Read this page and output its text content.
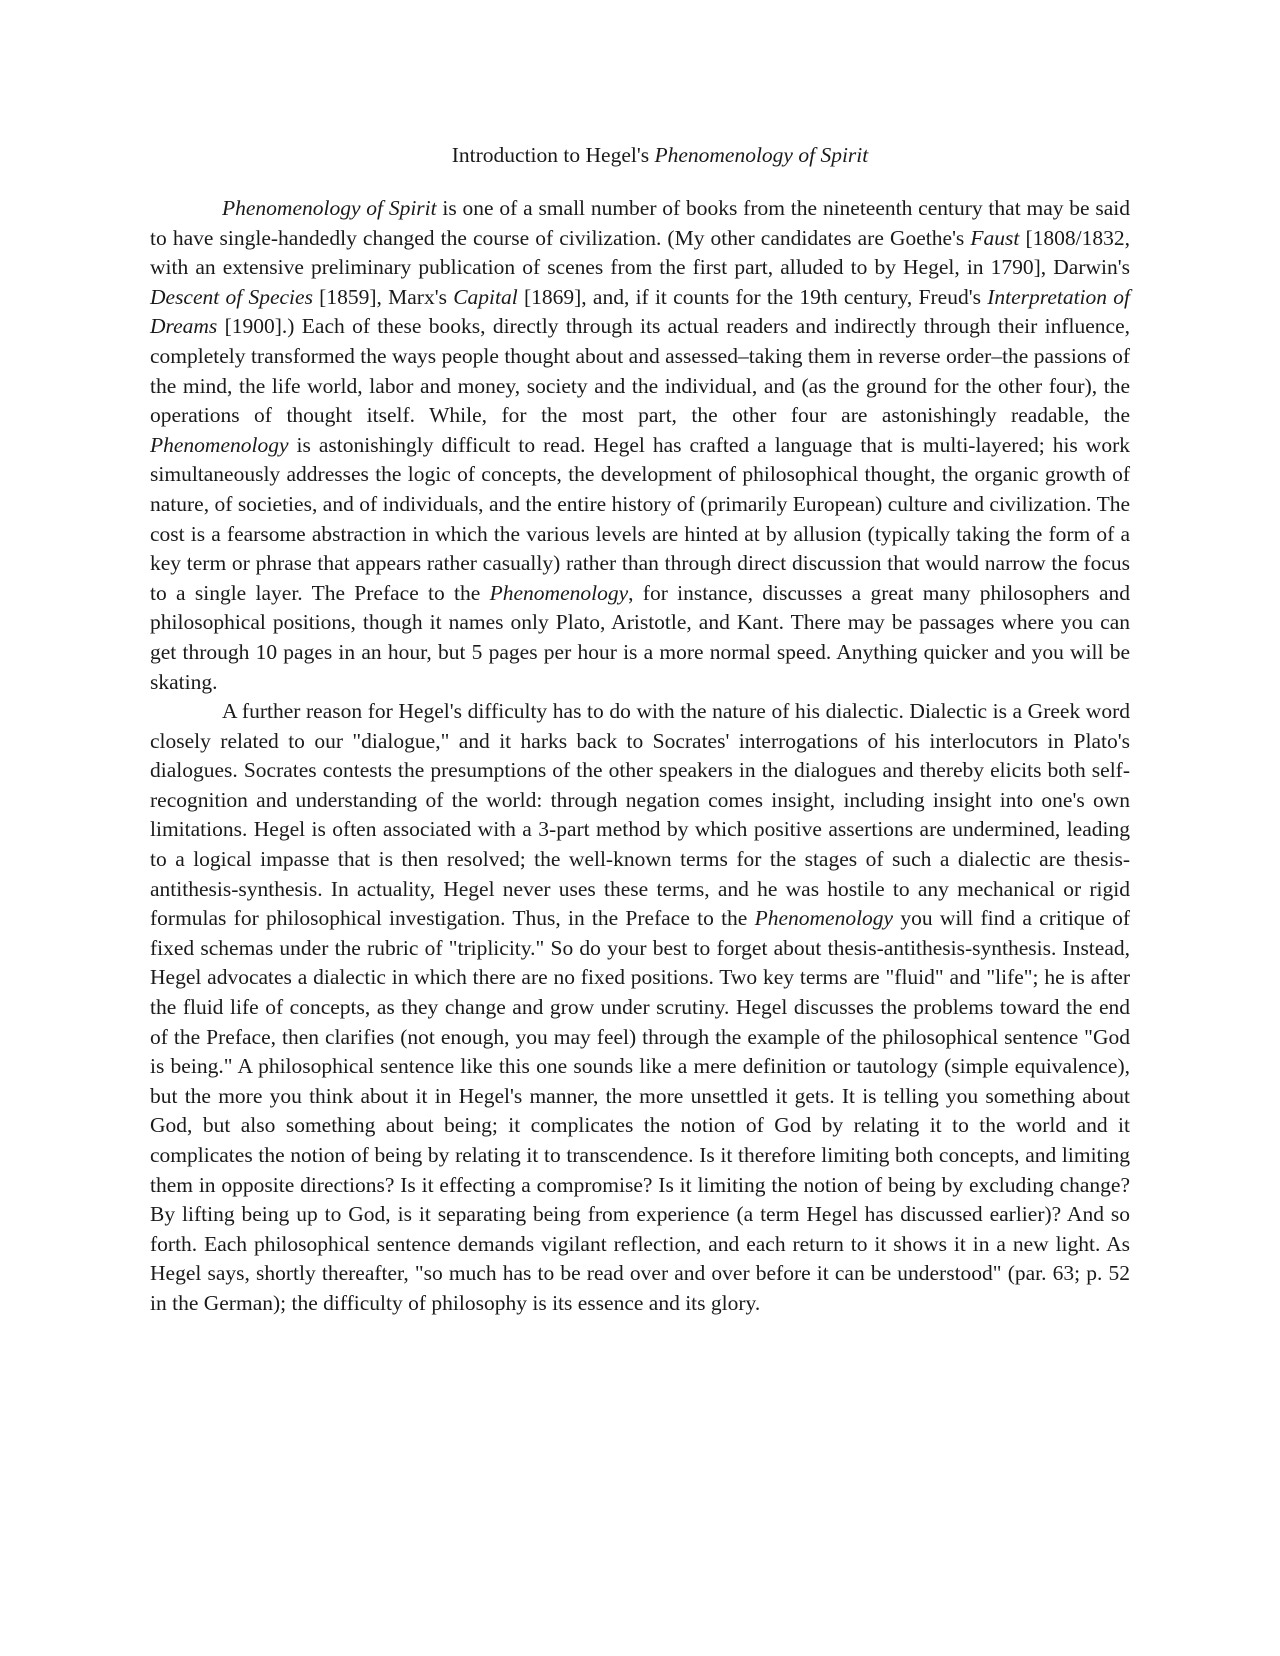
Introduction to Hegel's Phenomenology of Spirit

Phenomenology of Spirit is one of a small number of books from the nineteenth century that may be said to have single-handedly changed the course of civilization. (My other candidates are Goethe's Faust [1808/1832, with an extensive preliminary publication of scenes from the first part, alluded to by Hegel, in 1790], Darwin's Descent of Species [1859], Marx's Capital [1869], and, if it counts for the 19th century, Freud's Interpretation of Dreams [1900].) Each of these books, directly through its actual readers and indirectly through their influence, completely transformed the ways people thought about and assessed–taking them in reverse order–the passions of the mind, the life world, labor and money, society and the individual, and (as the ground for the other four), the operations of thought itself. While, for the most part, the other four are astonishingly readable, the Phenomenology is astonishingly difficult to read. Hegel has crafted a language that is multi-layered; his work simultaneously addresses the logic of concepts, the development of philosophical thought, the organic growth of nature, of societies, and of individuals, and the entire history of (primarily European) culture and civilization. The cost is a fearsome abstraction in which the various levels are hinted at by allusion (typically taking the form of a key term or phrase that appears rather casually) rather than through direct discussion that would narrow the focus to a single layer. The Preface to the Phenomenology, for instance, discusses a great many philosophers and philosophical positions, though it names only Plato, Aristotle, and Kant. There may be passages where you can get through 10 pages in an hour, but 5 pages per hour is a more normal speed. Anything quicker and you will be skating.

A further reason for Hegel's difficulty has to do with the nature of his dialectic. Dialectic is a Greek word closely related to our "dialogue," and it harks back to Socrates' interrogations of his interlocutors in Plato's dialogues. Socrates contests the presumptions of the other speakers in the dialogues and thereby elicits both self-recognition and understanding of the world: through negation comes insight, including insight into one's own limitations. Hegel is often associated with a 3-part method by which positive assertions are undermined, leading to a logical impasse that is then resolved; the well-known terms for the stages of such a dialectic are thesis-antithesis-synthesis. In actuality, Hegel never uses these terms, and he was hostile to any mechanical or rigid formulas for philosophical investigation. Thus, in the Preface to the Phenomenology you will find a critique of fixed schemas under the rubric of "triplicity." So do your best to forget about thesis-antithesis-synthesis. Instead, Hegel advocates a dialectic in which there are no fixed positions. Two key terms are "fluid" and "life"; he is after the fluid life of concepts, as they change and grow under scrutiny. Hegel discusses the problems toward the end of the Preface, then clarifies (not enough, you may feel) through the example of the philosophical sentence "God is being." A philosophical sentence like this one sounds like a mere definition or tautology (simple equivalence), but the more you think about it in Hegel's manner, the more unsettled it gets. It is telling you something about God, but also something about being; it complicates the notion of God by relating it to the world and it complicates the notion of being by relating it to transcendence. Is it therefore limiting both concepts, and limiting them in opposite directions? Is it effecting a compromise? Is it limiting the notion of being by excluding change? By lifting being up to God, is it separating being from experience (a term Hegel has discussed earlier)? And so forth. Each philosophical sentence demands vigilant reflection, and each return to it shows it in a new light. As Hegel says, shortly thereafter, "so much has to be read over and over before it can be understood" (par. 63; p. 52 in the German); the difficulty of philosophy is its essence and its glory.
